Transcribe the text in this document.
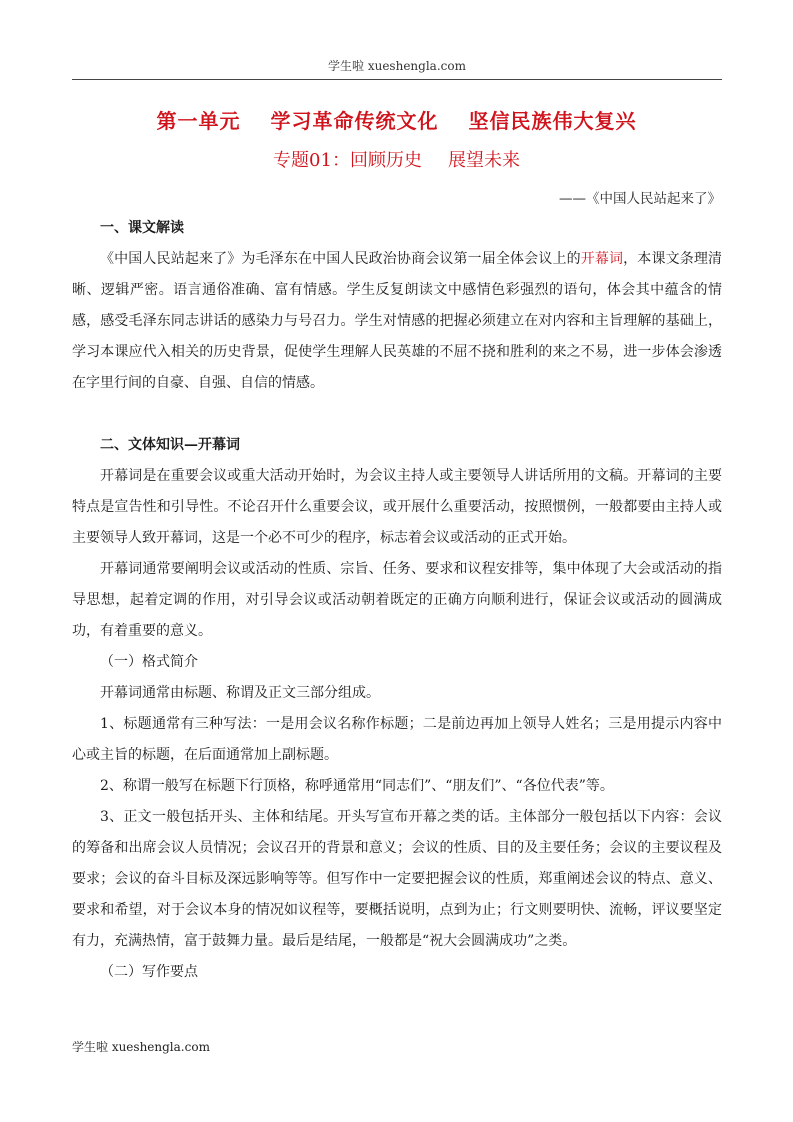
学生啦 xueshengla.com
第一单元 学习革命传统文化 坚信民族伟大复兴
专题01：回顾历史 展望未来
——《中国人民站起来了》

一、课文解读

《中国人民站起来了》为毛泽东在中国人民政治协商会议第一届全体会议上的开幕词，本课文条理清晰、逻辑严密。语言通俗准确、富有情感。学生反复朗读文中感情色彩强烈的语句，体会其中蕴含的情感，感受毛泽东同志讲话的感染力与号召力。学生对情感的把握必须建立在对内容和主旨理解的基础上，学习本课应代入相关的历史背景，促使学生理解人民英雄的不屈不挠和胜利的来之不易，进一步体会渗透在字里行间的自豪、自强、自信的情感。

二、文体知识—开幕词

开幕词是在重要会议或重大活动开始时，为会议主持人或主要领导人讲话所用的文稿。开幕词的主要特点是宣告性和引导性。不论召开什么重要会议，或开展什么重要活动，按照惯例，一般都要由主持人或主要领导人致开幕词，这是一个必不可少的程序，标志着会议或活动的正式开始。

开幕词通常要阐明会议或活动的性质、宗旨、任务、要求和议程安排等，集中体现了大会或活动的指导思想，起着定调的作用，对引导会议或活动朝着既定的正确方向顺利进行，保证会议或活动的圆满成功，有着重要的意义。

（一）格式简介

开幕词通常由标题、称谓及正文三部分组成。

1、标题通常有三种写法：一是用会议名称作标题；二是前边再加上领导人姓名；三是用提示内容中心或主旨的标题，在后面通常加上副标题。

2、称谓一般写在标题下行顶格，称呼通常用“同志们”、“朋友们”、“各位代表”等。

3、正文一般包括开头、主体和结尾。开头写宣布开幕之类的话。主体部分一般包括以下内容：会议的筹备和出席会议人员情况；会议召开的背景和意义；会议的性质、目的及主要任务；会议的主要议程及要求；会议的奋斗目标及深远影响等等。但写作中一定要把握会议的性质，郑重阐述会议的特点、意义、要求和希望，对于会议本身的情况如议程等，要概括说明，点到为止；行文则要明快、流畅，评议要坚定有力，充满热情，富于鼓舞力量。最后是结尾，一般都是“祝大会圆满成功”之类。

（二）写作要点

学生啦 xueshengla.com
